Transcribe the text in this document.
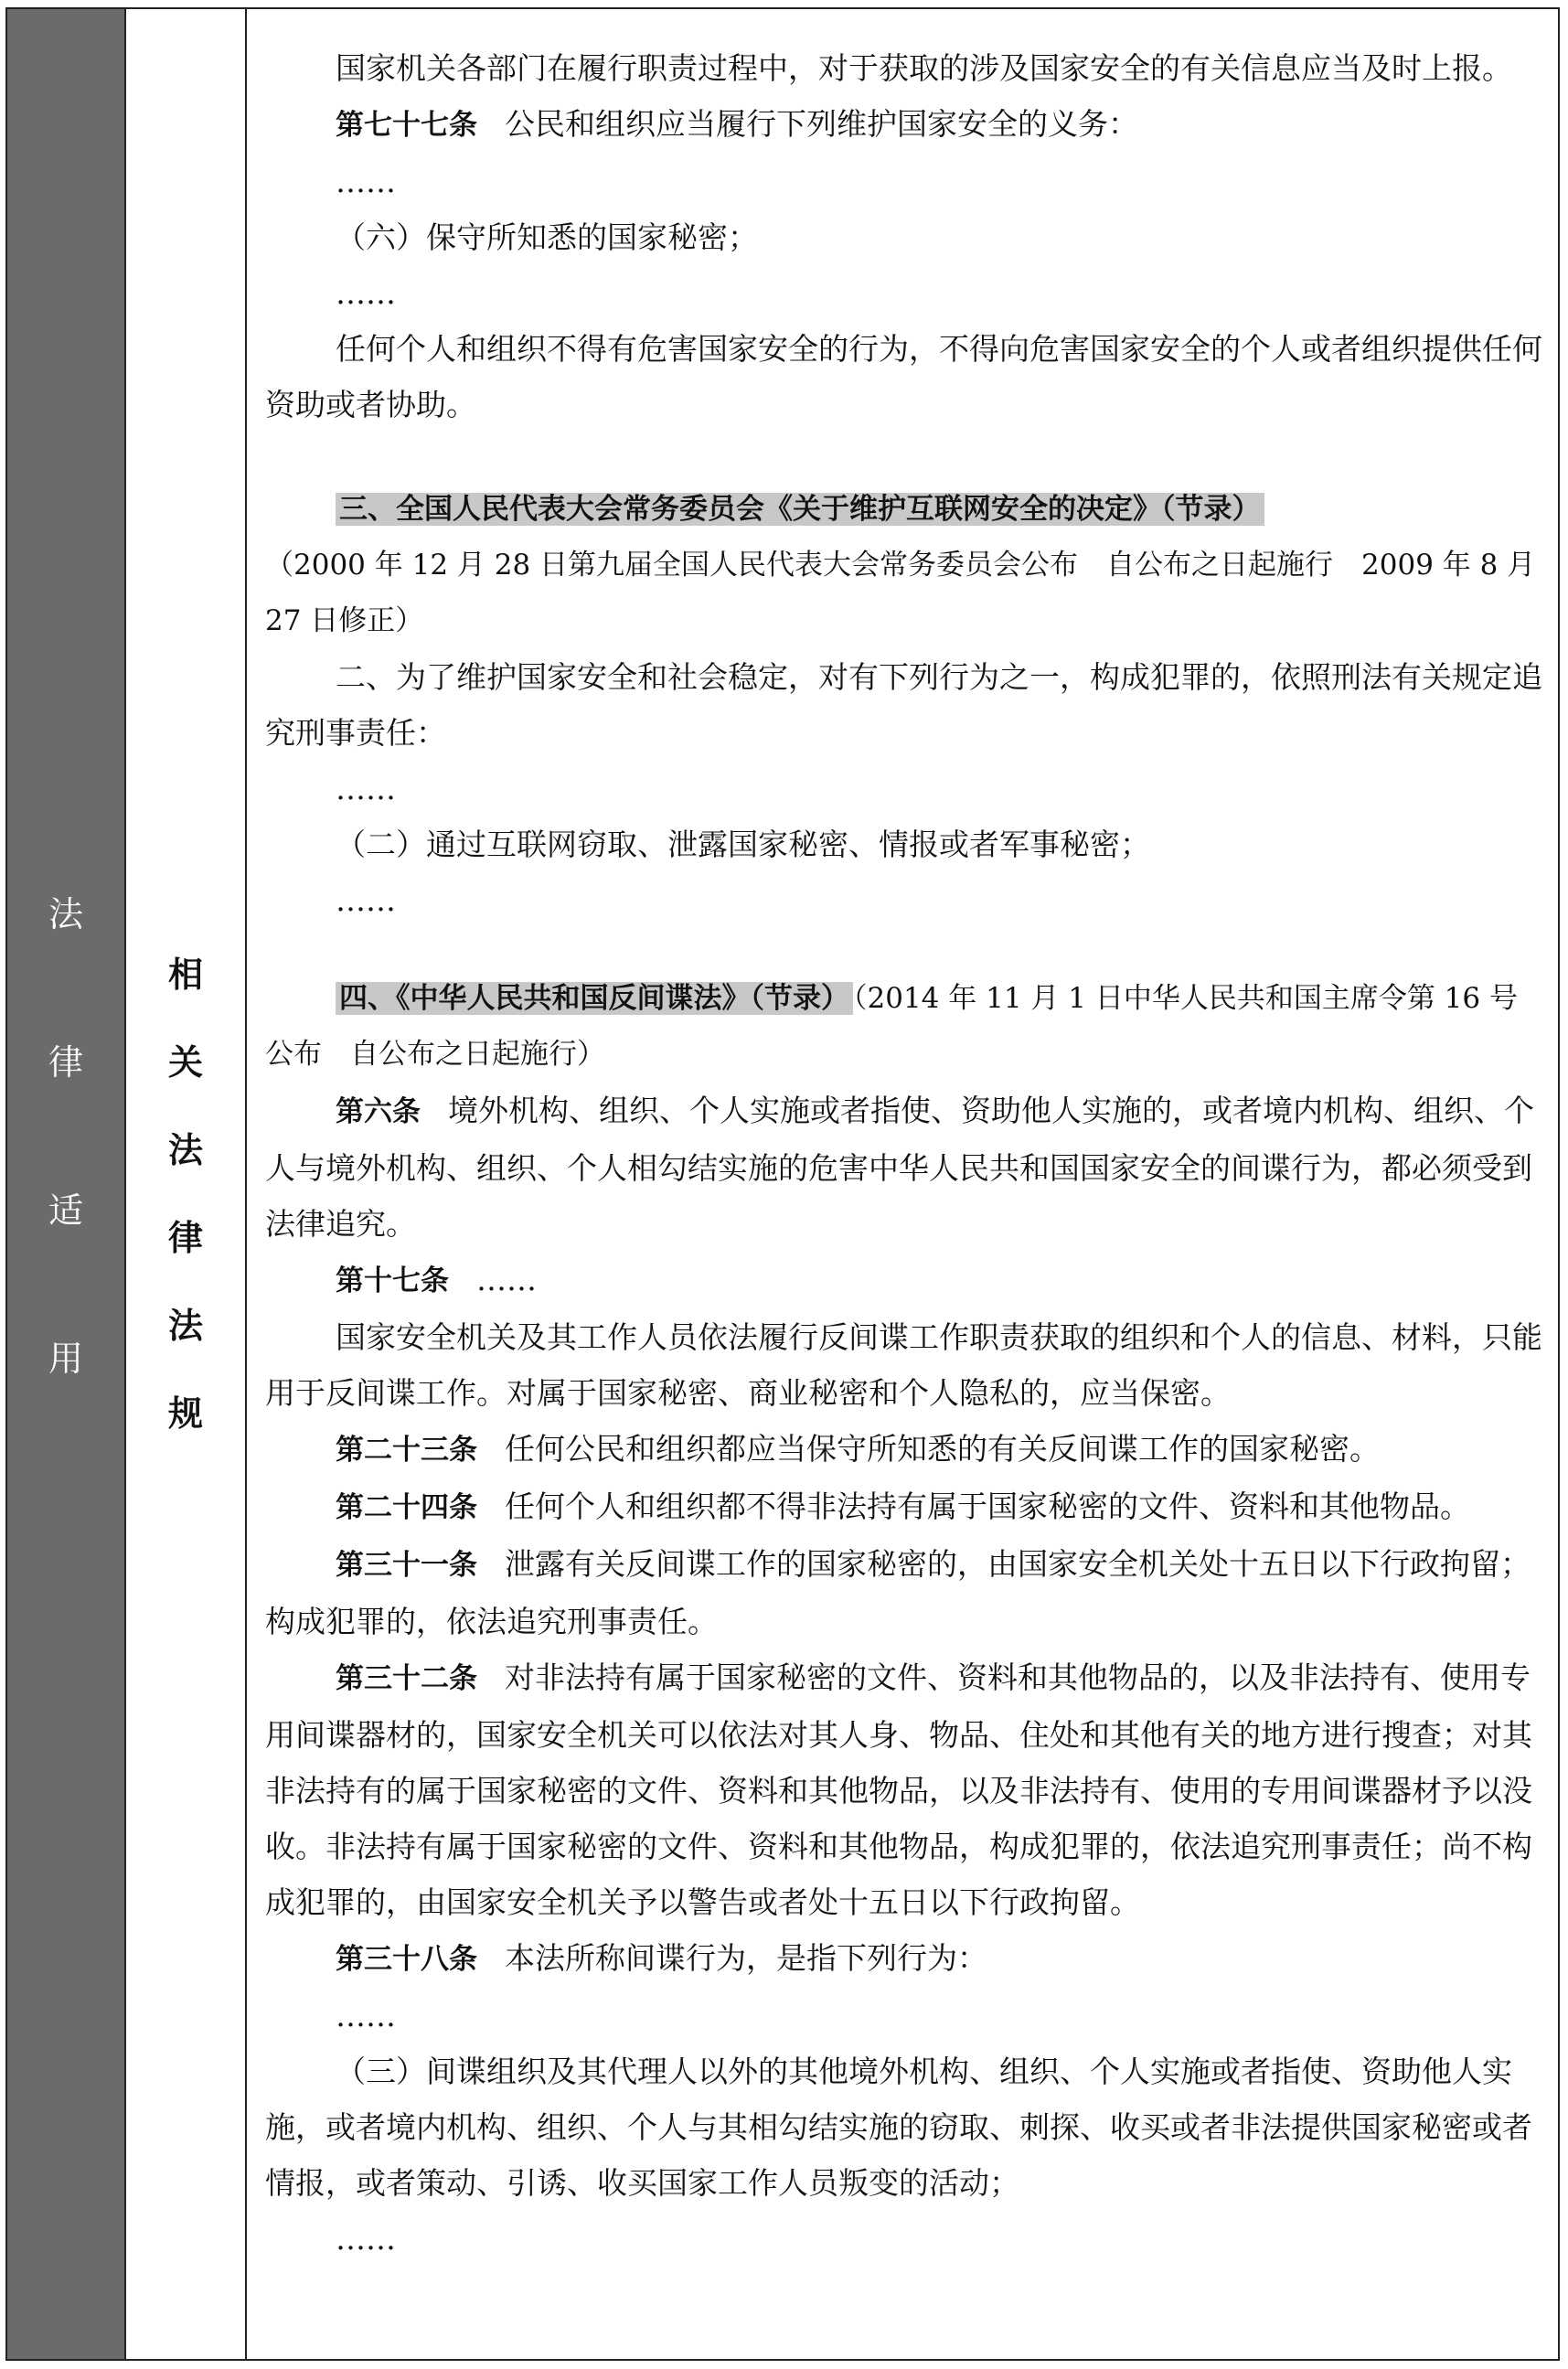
法
律
适
用
相
关
法
律
法
规

国家机关各部门在履行职责过程中，对于获取的涉及国家安全的有关信息应当及时上报。

第七十七条 公民和组织应当履行下列维护国家安全的义务：

……

（六）保守所知悉的国家秘密；

……

任何个人和组织不得有危害国家安全的行为，不得向危害国家安全的个人或者组织提供任何资助或者协助。

三、全国人民代表大会常务委员会《关于维护互联网安全的决定》（节录）

（2000 年 12 月 28 日第九届全国人民代表大会常务委员会公布　自公布之日起施行　2009 年 8 月 27 日修正）

二、为了维护国家安全和社会稳定，对有下列行为之一，构成犯罪的，依照刑法有关规定追究刑事责任：

……

（二）通过互联网窃取、泄露国家秘密、情报或者军事秘密；

……

四、《中华人民共和国反间谍法》（节录） （2014 年 11 月 1 日中华人民共和国主席令第 16 号公布　自公布之日起施行）

第六条 境外机构、组织、个人实施或者指使、资助他人实施的，或者境内机构、组织、个人与境外机构、组织、个人相勾结实施的危害中华人民共和国国家安全的间谍行为，都必须受到法律追究。

第十七条 ……

国家安全机关及其工作人员依法履行反间谍工作职责获取的组织和个人的信息、材料，只能用于反间谍工作。对属于国家秘密、商业秘密和个人隐私的，应当保密。

第二十三条 任何公民和组织都应当保守所知悉的有关反间谍工作的国家秘密。

第二十四条 任何个人和组织都不得非法持有属于国家秘密的文件、资料和其他物品。

第三十一条 泄露有关反间谍工作的国家秘密的，由国家安全机关处十五日以下行政拘留；构成犯罪的，依法追究刑事责任。

第三十二条 对非法持有属于国家秘密的文件、资料和其他物品的，以及非法持有、使用专用间谍器材的，国家安全机关可以依法对其人身、物品、住处和其他有关的地方进行搜查；对其非法持有的属于国家秘密的文件、资料和其他物品，以及非法持有、使用的专用间谍器材予以没收。非法持有属于国家秘密的文件、资料和其他物品，构成犯罪的，依法追究刑事责任；尚不构成犯罪的，由国家安全机关予以警告或者处十五日以下行政拘留。

第三十八条 本法所称间谍行为，是指下列行为：

……

（三）间谍组织及其代理人以外的其他境外机构、组织、个人实施或者指使、资助他人实施，或者境内机构、组织、个人与其相勾结实施的窃取、刺探、收买或者非法提供国家秘密或者情报，或者策动、引诱、收买国家工作人员叛变的活动；

……
